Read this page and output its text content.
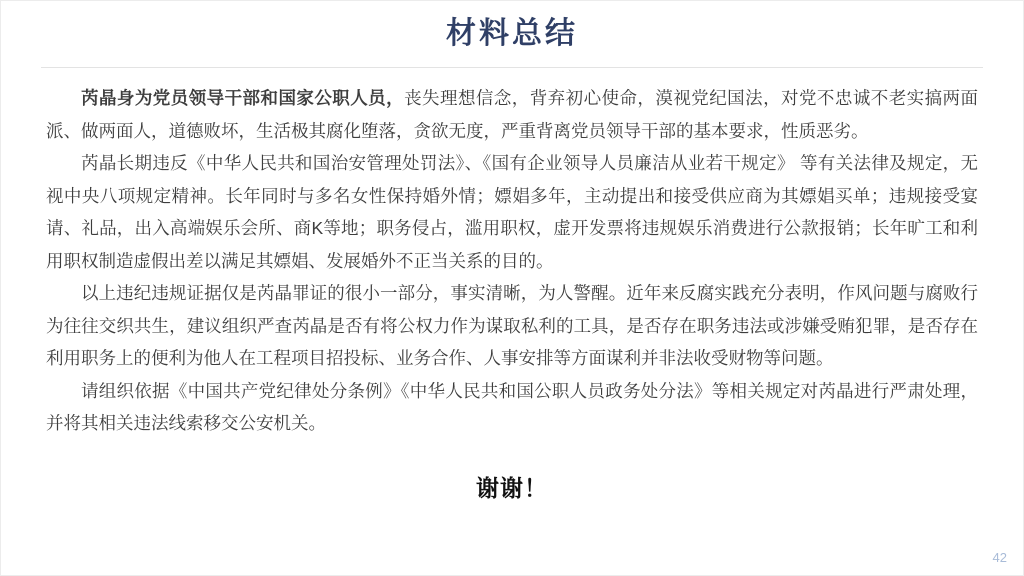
材料总结

芮晶身为党员领导干部和国家公职人员，丧失理想信念，背弃初心使命，漠视党纪国法，对党不忠诚不老实搞两面派、做两面人，道德败坏，生活极其腐化堕落，贪欲无度，严重背离党员领导干部的基本要求，性质恶劣。

芮晶长期违反《中华人民共和国治安管理处罚法》、《国有企业领导人员廉洁从业若干规定》 等有关法律及规定，无视中央八项规定精神。长年同时与多名女性保持婚外情；嫖娼多年，主动提出和接受供应商为其嫖娼买单；违规接受宴请、礼品，出入高端娱乐会所、商K等地；职务侵占，滥用职权，虚开发票将违规娱乐消费进行公款报销；长年旷工和利用职权制造虚假出差以满足其嫖娼、发展婚外不正当关系的目的。

以上违纪违规证据仅是芮晶罪证的很小一部分，事实清晰，为人警醒。近年来反腐实践充分表明，作风问题与腐败行为往往交织共生，建议组织严查芮晶是否有将公权力作为谋取私利的工具，是否存在职务违法或涉嫌受贿犯罪，是否存在利用职务上的便利为他人在工程项目招投标、业务合作、人事安排等方面谋利并非法收受财物等问题。

请组织依据《中国共产党纪律处分条例》《中华人民共和国公职人员政务处分法》等相关规定对芮晶进行严肃处理，并将其相关违法线索移交公安机关。

谢谢！
42
